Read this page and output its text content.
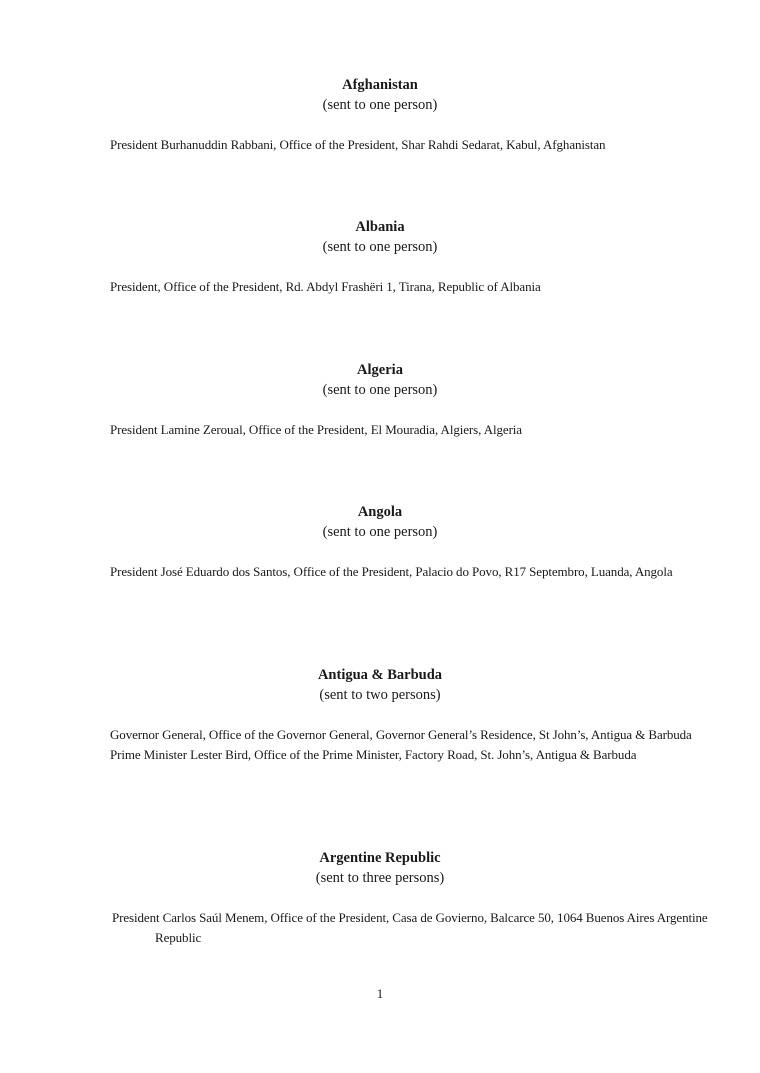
Afghanistan

(sent to one person)

President Burhanuddin Rabbani, Office of the President, Shar Rahdi Sedarat, Kabul, Afghanistan

Albania

(sent to one person)

President, Office of the President, Rd. Abdyl Frashëri 1, Tirana, Republic of Albania

Algeria

(sent to one person)

President Lamine Zeroual, Office of the President, El Mouradia, Algiers, Algeria

Angola

(sent to one person)

President José Eduardo dos Santos, Office of the President, Palacio do Povo, R17 Septembro, Luanda, Angola

Antigua & Barbuda

(sent to two persons)

Governor General, Office of the Governor General, Governor General’s Residence, St John’s, Antigua & Barbuda

Prime Minister Lester Bird, Office of the Prime Minister, Factory Road, St. John’s, Antigua & Barbuda

Argentine Republic

(sent to three persons)

President Carlos Saúl Menem, Office of the President, Casa de Govierno, Balcarce 50, 1064 Buenos Aires Argentine Republic

1
